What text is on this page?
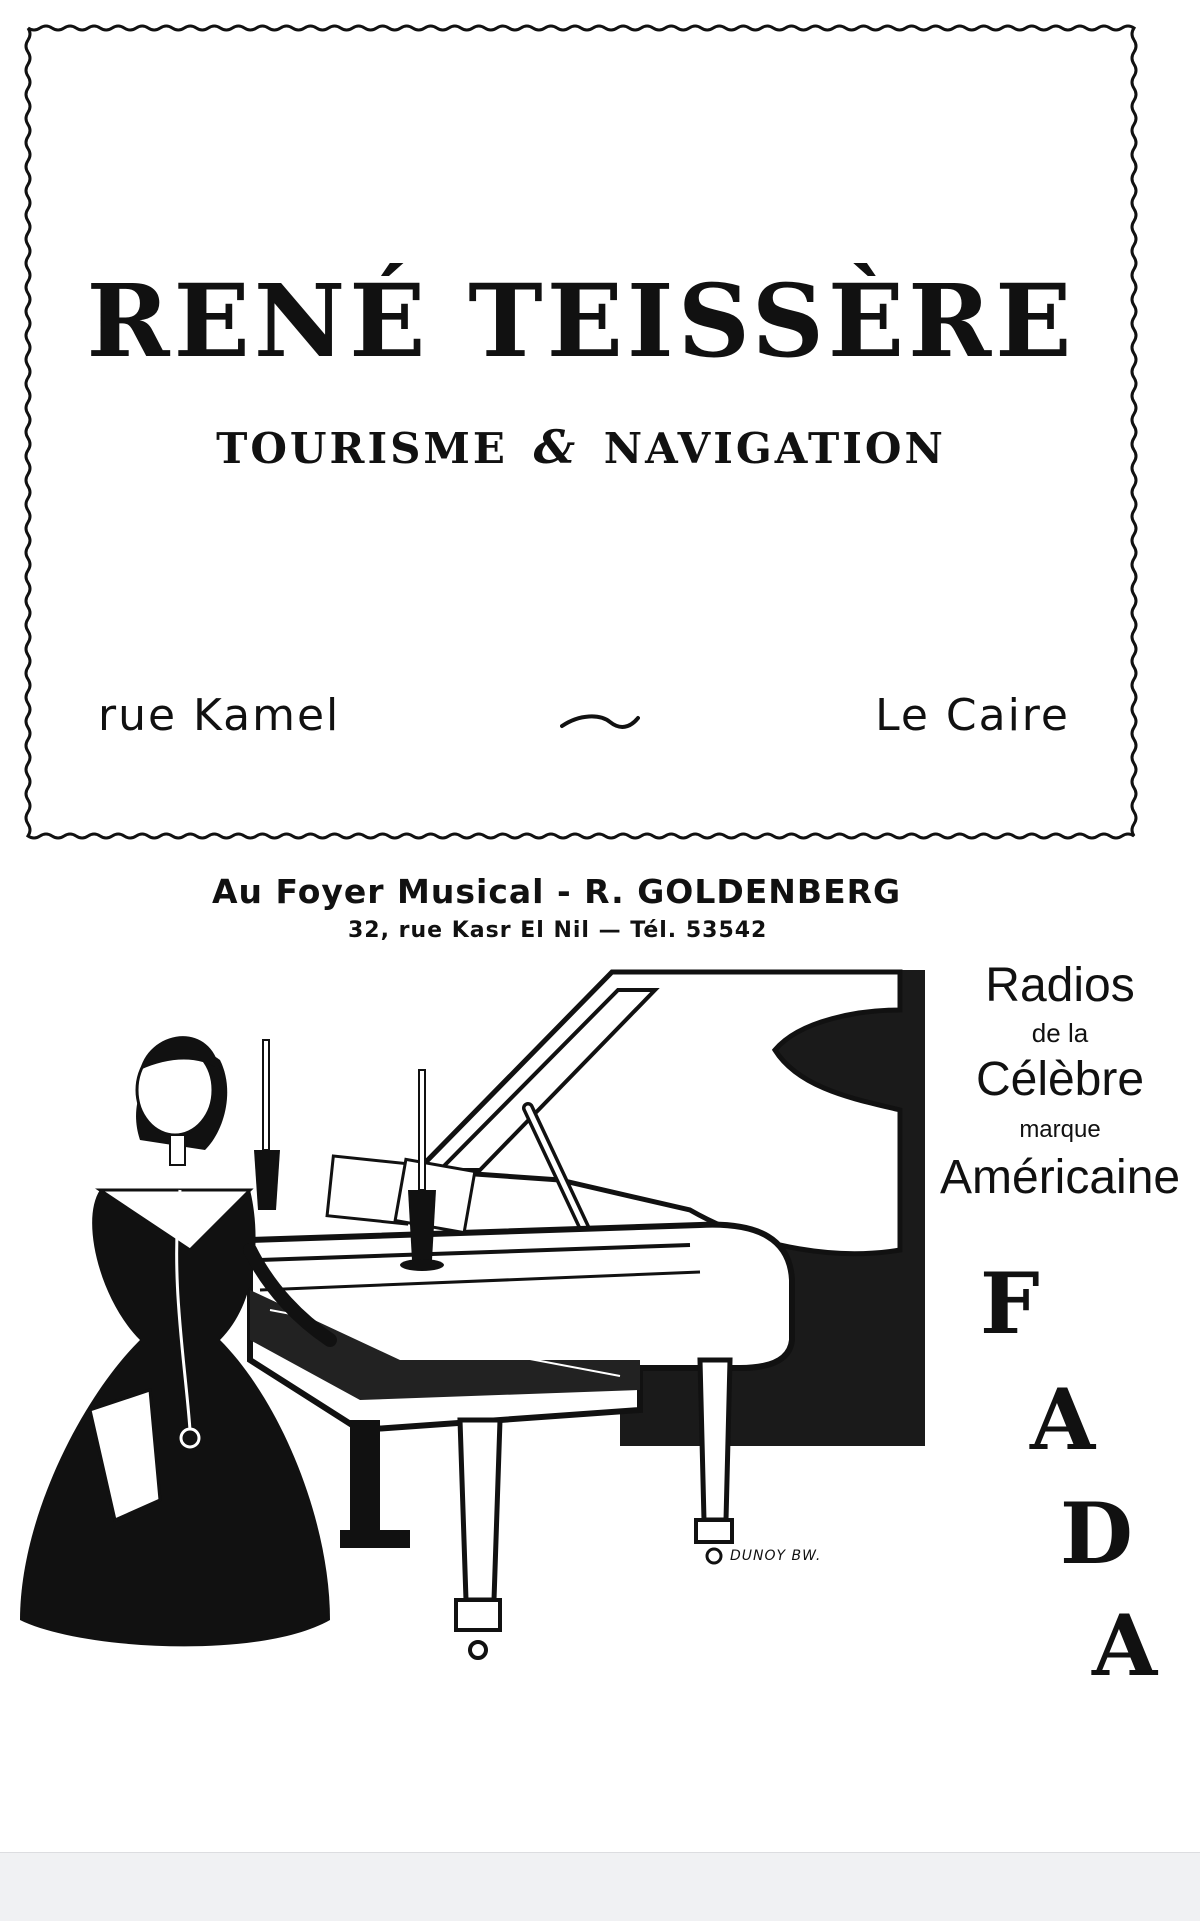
RENÉ TEISSÈRE
TOURISME & NAVIGATION
rue Kamel	Le Caire
Au Foyer Musical - R. GOLDENBERG
32, rue Kasr El Nil — Tél. 53542
Radios
de la
Célèbre
marque
Américaine
F
A
D
A
DUNOY BW.
